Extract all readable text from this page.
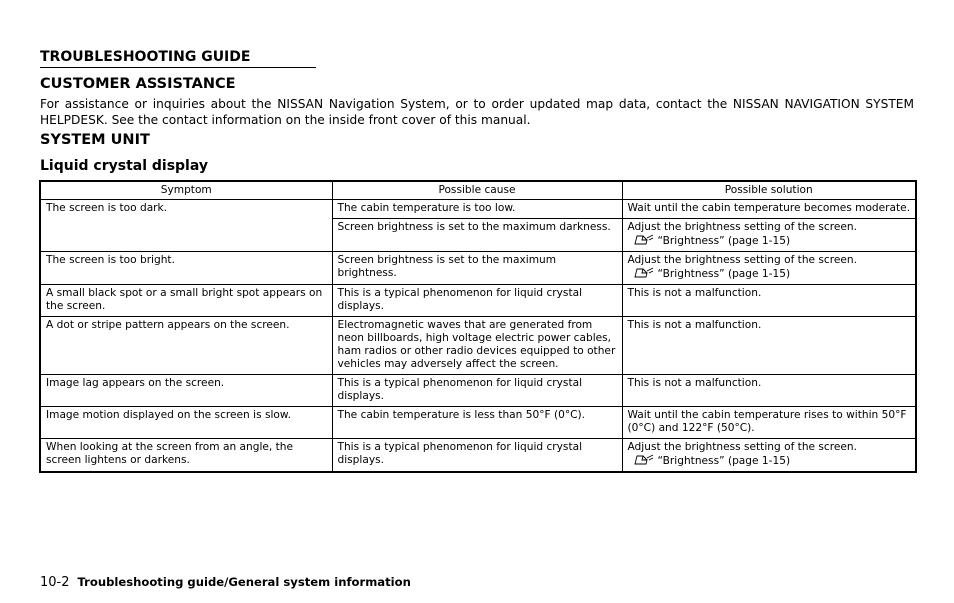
TROUBLESHOOTING GUIDE
CUSTOMER ASSISTANCE

For assistance or inquiries about the NISSAN Navigation System, or to order updated map data, contact the NISSAN NAVIGATION SYSTEM HELPDESK. See the contact information on the inside front cover of this manual.

SYSTEM UNIT
Liquid crystal display
Symptom	Possible cause	Possible solution
The screen is too dark.	The cabin temperature is too low.	Wait until the cabin temperature becomes moderate.
	Screen brightness is set to the maximum darkness.	Adjust the brightness setting of the screen.
“Brightness” (page 1-15)

The screen is too bright.	Screen brightness is set to the maximum brightness.	Adjust the brightness setting of the screen.
“Brightness” (page 1-15)

A small black spot or a small bright spot appears on the screen.	This is a typical phenomenon for liquid crystal displays.	This is not a malfunction.
A dot or stripe pattern appears on the screen.	Electromagnetic waves that are generated from neon billboards, high voltage electric power cables, ham radios or other radio devices equipped to other vehicles may adversely affect the screen.	This is not a malfunction.
Image lag appears on the screen.	This is a typical phenomenon for liquid crystal displays.	This is not a malfunction.
Image motion displayed on the screen is slow.	The cabin temperature is less than 50°F (0°C).	Wait until the cabin temperature rises to within 50°F (0°C) and 122°F (50°C).
When looking at the screen from an angle, the screen lightens or darkens.	This is a typical phenomenon for liquid crystal displays.	Adjust the brightness setting of the screen.
“Brightness” (page 1-15)
10-2 Troubleshooting guide/General system information
